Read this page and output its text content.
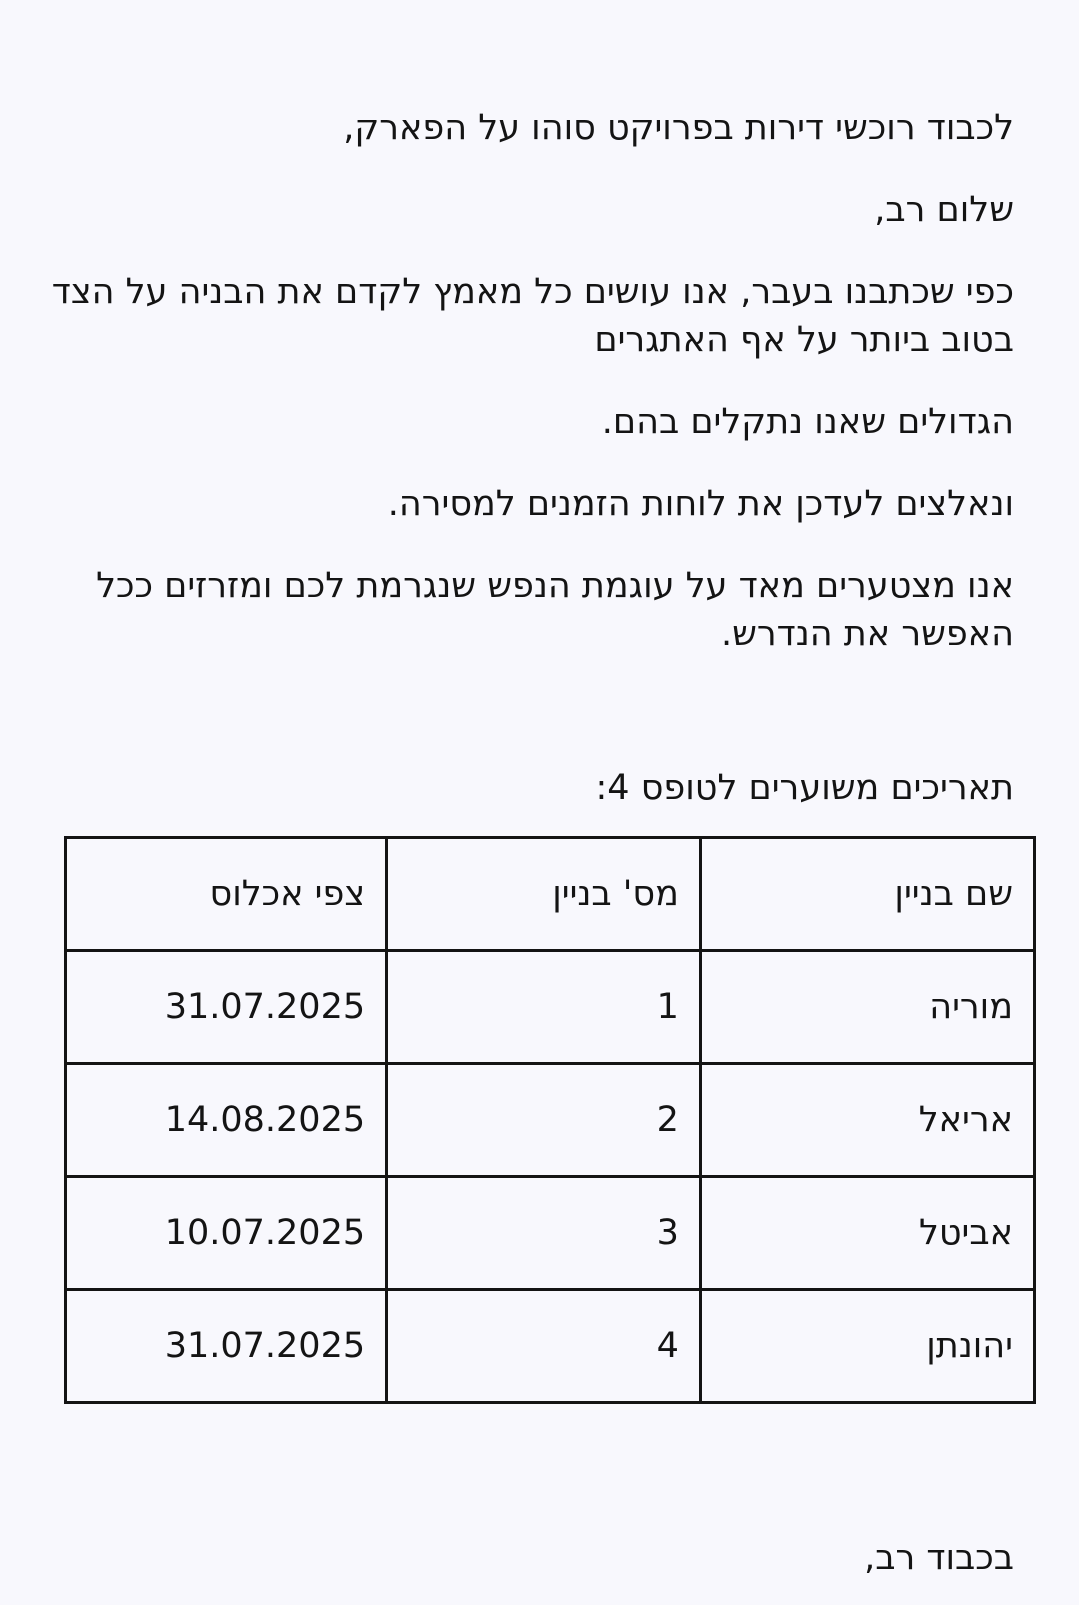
לכבוד רוכשי דירות בפרויקט סוהו על הפארק,

שלום רב,

כפי שכתבנו בעבר, אנו עושים כל מאמץ לקדם את הבניה על הצד בטוב ביותר על אף האתגרים

הגדולים שאנו נתקלים בהם.

ונאלצים לעדכן את לוחות הזמנים למסירה.

אנו מצטערים מאד על עוגמת הנפש שנגרמת לכם ומזרזים ככל האפשר את הנדרש.

תאריכים משוערים לטופס 4:

שם בניין	מס' בניין	צפי אכלוס
מוריה	1	31.07.2025
אריאל	2	14.08.2025
אביטל	3	10.07.2025
יהונתן	4	31.07.2025

בכבוד רב,
